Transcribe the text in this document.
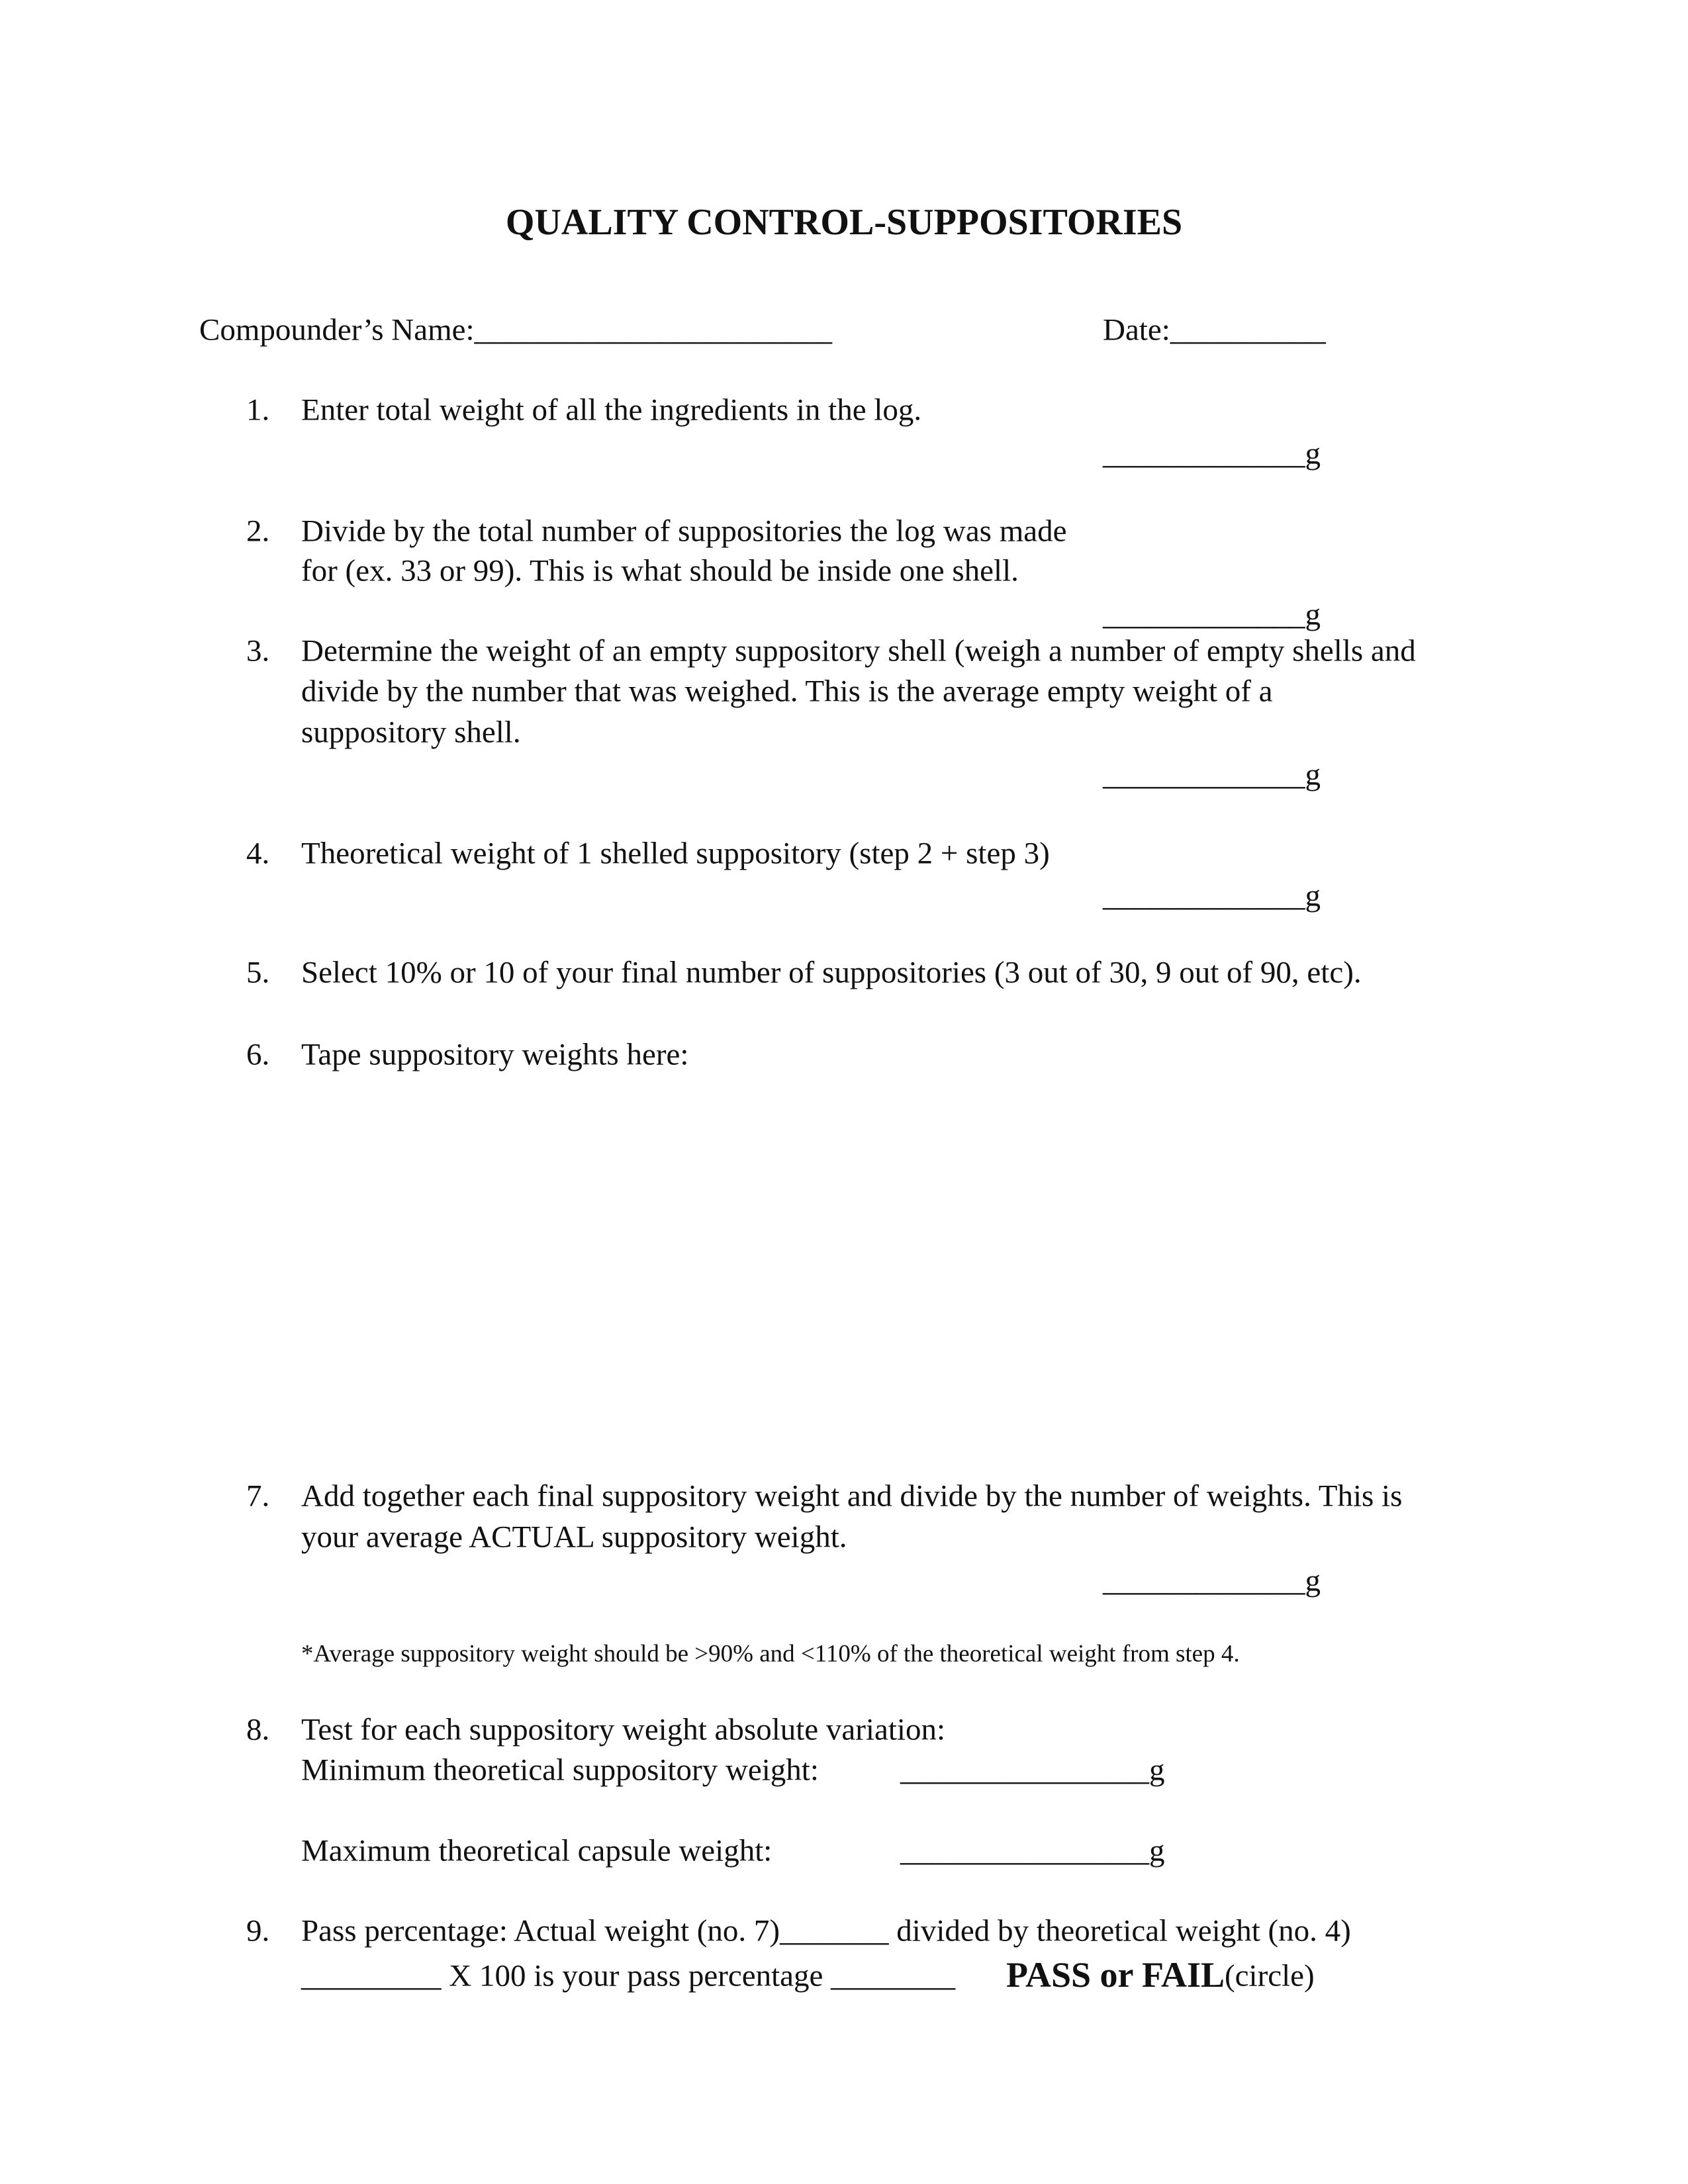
QUALITY CONTROL-SUPPOSITORIES
Compounder’s Name:_______________________	Date:__________
1. Enter total weight of all the ingredients in the log.
_____________g
2. Divide by the total number of suppositories the log was made
for (ex. 33 or 99). This is what should be inside one shell.
_____________g
3. Determine the weight of an empty suppository shell (weigh a number of empty shells and
divide by the number that was weighed. This is the average empty weight of a
suppository shell.
_____________g
4. Theoretical weight of 1 shelled suppository (step 2 + step 3)
_____________g
5. Select 10% or 10 of your final number of suppositories (3 out of 30, 9 out of 90, etc).
6. Tape suppository weights here:
7. Add together each final suppository weight and divide by the number of weights. This is
your average ACTUAL suppository weight.
_____________g
*Average suppository weight should be >90% and <110% of the theoretical weight from step 4.
8. Test for each suppository weight absolute variation:
Minimum theoretical suppository weight:	________________g
Maximum theoretical capsule weight:	________________g
9. Pass percentage: Actual weight (no. 7)_______ divided by theoretical weight (no. 4)
_________ X 100 is your pass percentage ________ PASS or FAIL (circle)
